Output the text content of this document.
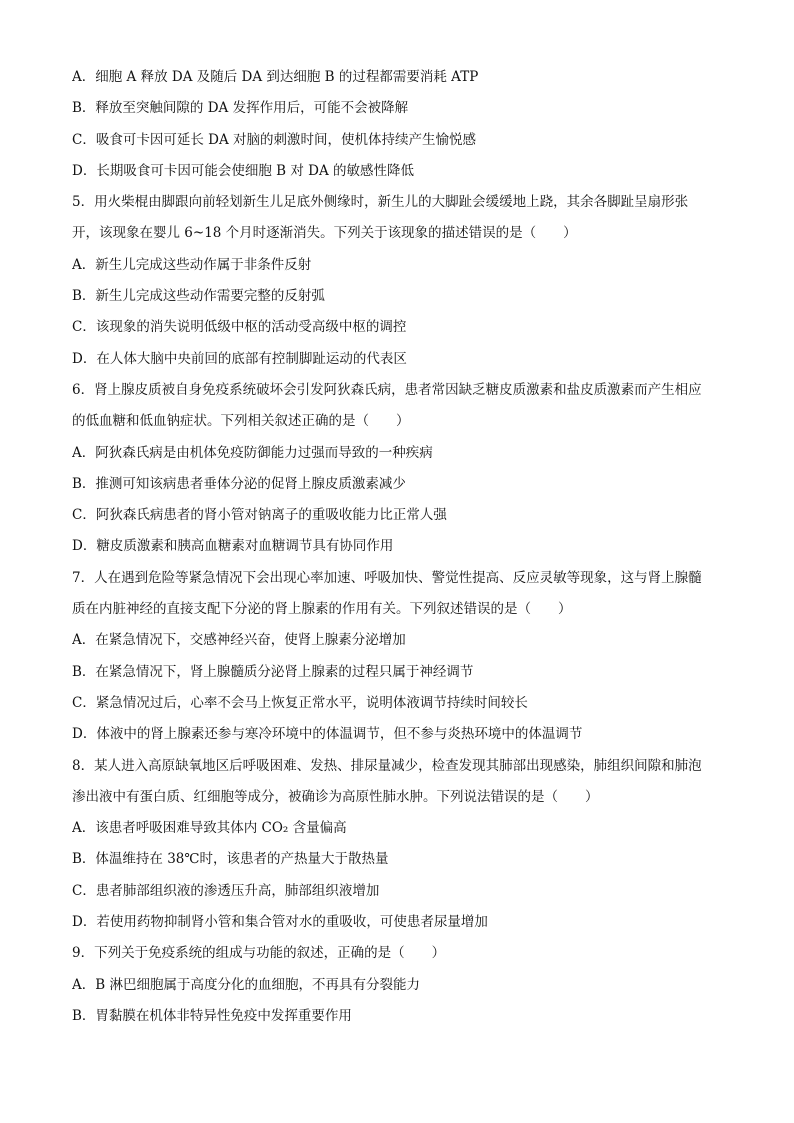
A．细胞 A 释放 DA 及随后 DA 到达细胞 B 的过程都需要消耗 ATP
B．释放至突触间隙的 DA 发挥作用后，可能不会被降解
C．吸食可卡因可延长 DA 对脑的刺激时间，使机体持续产生愉悦感
D．长期吸食可卡因可能会使细胞 B 对 DA 的敏感性降低
5．用火柴棍由脚跟向前轻划新生儿足底外侧缘时，新生儿的大脚趾会缓缓地上跷，其余各脚趾呈扇形张
开，该现象在婴儿 6~18 个月时逐渐消失。下列关于该现象的描述错误的是（　　）
A．新生儿完成这些动作属于非条件反射
B．新生儿完成这些动作需要完整的反射弧
C．该现象的消失说明低级中枢的活动受高级中枢的调控
D．在人体大脑中央前回的底部有控制脚趾运动的代表区
6．肾上腺皮质被自身免疫系统破坏会引发阿狄森氏病，患者常因缺乏糖皮质激素和盐皮质激素而产生相应
的低血糖和低血钠症状。下列相关叙述正确的是（　　）
A．阿狄森氏病是由机体免疫防御能力过强而导致的一种疾病
B．推测可知该病患者垂体分泌的促肾上腺皮质激素减少
C．阿狄森氏病患者的肾小管对钠离子的重吸收能力比正常人强
D．糖皮质激素和胰高血糖素对血糖调节具有协同作用
7．人在遇到危险等紧急情况下会出现心率加速、呼吸加快、警觉性提高、反应灵敏等现象，这与肾上腺髓
质在内脏神经的直接支配下分泌的肾上腺素的作用有关。下列叙述错误的是（　　）
A．在紧急情况下，交感神经兴奋，使肾上腺素分泌增加
B．在紧急情况下，肾上腺髓质分泌肾上腺素的过程只属于神经调节
C．紧急情况过后，心率不会马上恢复正常水平，说明体液调节持续时间较长
D．体液中的肾上腺素还参与寒冷环境中的体温调节，但不参与炎热环境中的体温调节
8．某人进入高原缺氧地区后呼吸困难、发热、排尿量减少，检查发现其肺部出现感染，肺组织间隙和肺泡
渗出液中有蛋白质、红细胞等成分，被确诊为高原性肺水肿。下列说法错误的是（　　）
A．该患者呼吸困难导致其体内 CO₂ 含量偏高
B．体温维持在 38℃时，该患者的产热量大于散热量
C．患者肺部组织液的渗透压升高，肺部组织液增加
D．若使用药物抑制肾小管和集合管对水的重吸收，可使患者尿量增加
9．下列关于免疫系统的组成与功能的叙述，正确的是（　　）
A．B 淋巴细胞属于高度分化的血细胞，不再具有分裂能力
B．胃黏膜在机体非特异性免疫中发挥重要作用
